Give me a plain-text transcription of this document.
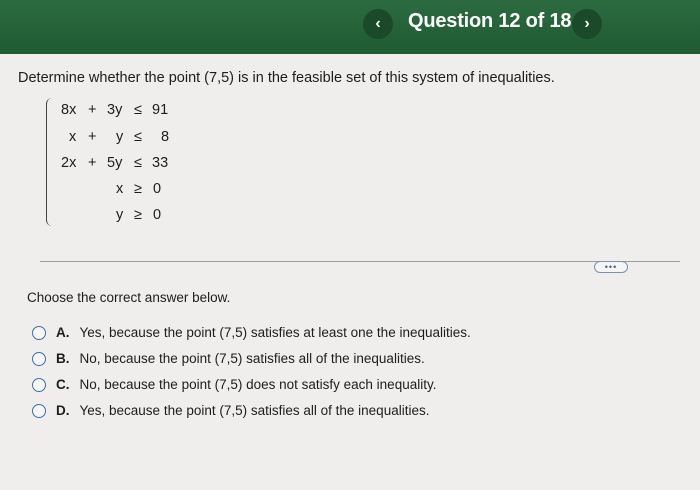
‹ Question 12 of 18 ›
Determine whether the point (7,5) is in the feasible set of this system of inequalities.
8x + 3y ≤ 91
x + y ≤ 8
2x + 5y ≤ 33
x ≥ 0
y ≥ 0
•••
Choose the correct answer below.
A. Yes, because the point (7,5) satisfies at least one the inequalities.
B. No, because the point (7,5) satisfies all of the inequalities.
C. No, because the point (7,5) does not satisfy each inequality.
D. Yes, because the point (7,5) satisfies all of the inequalities.
